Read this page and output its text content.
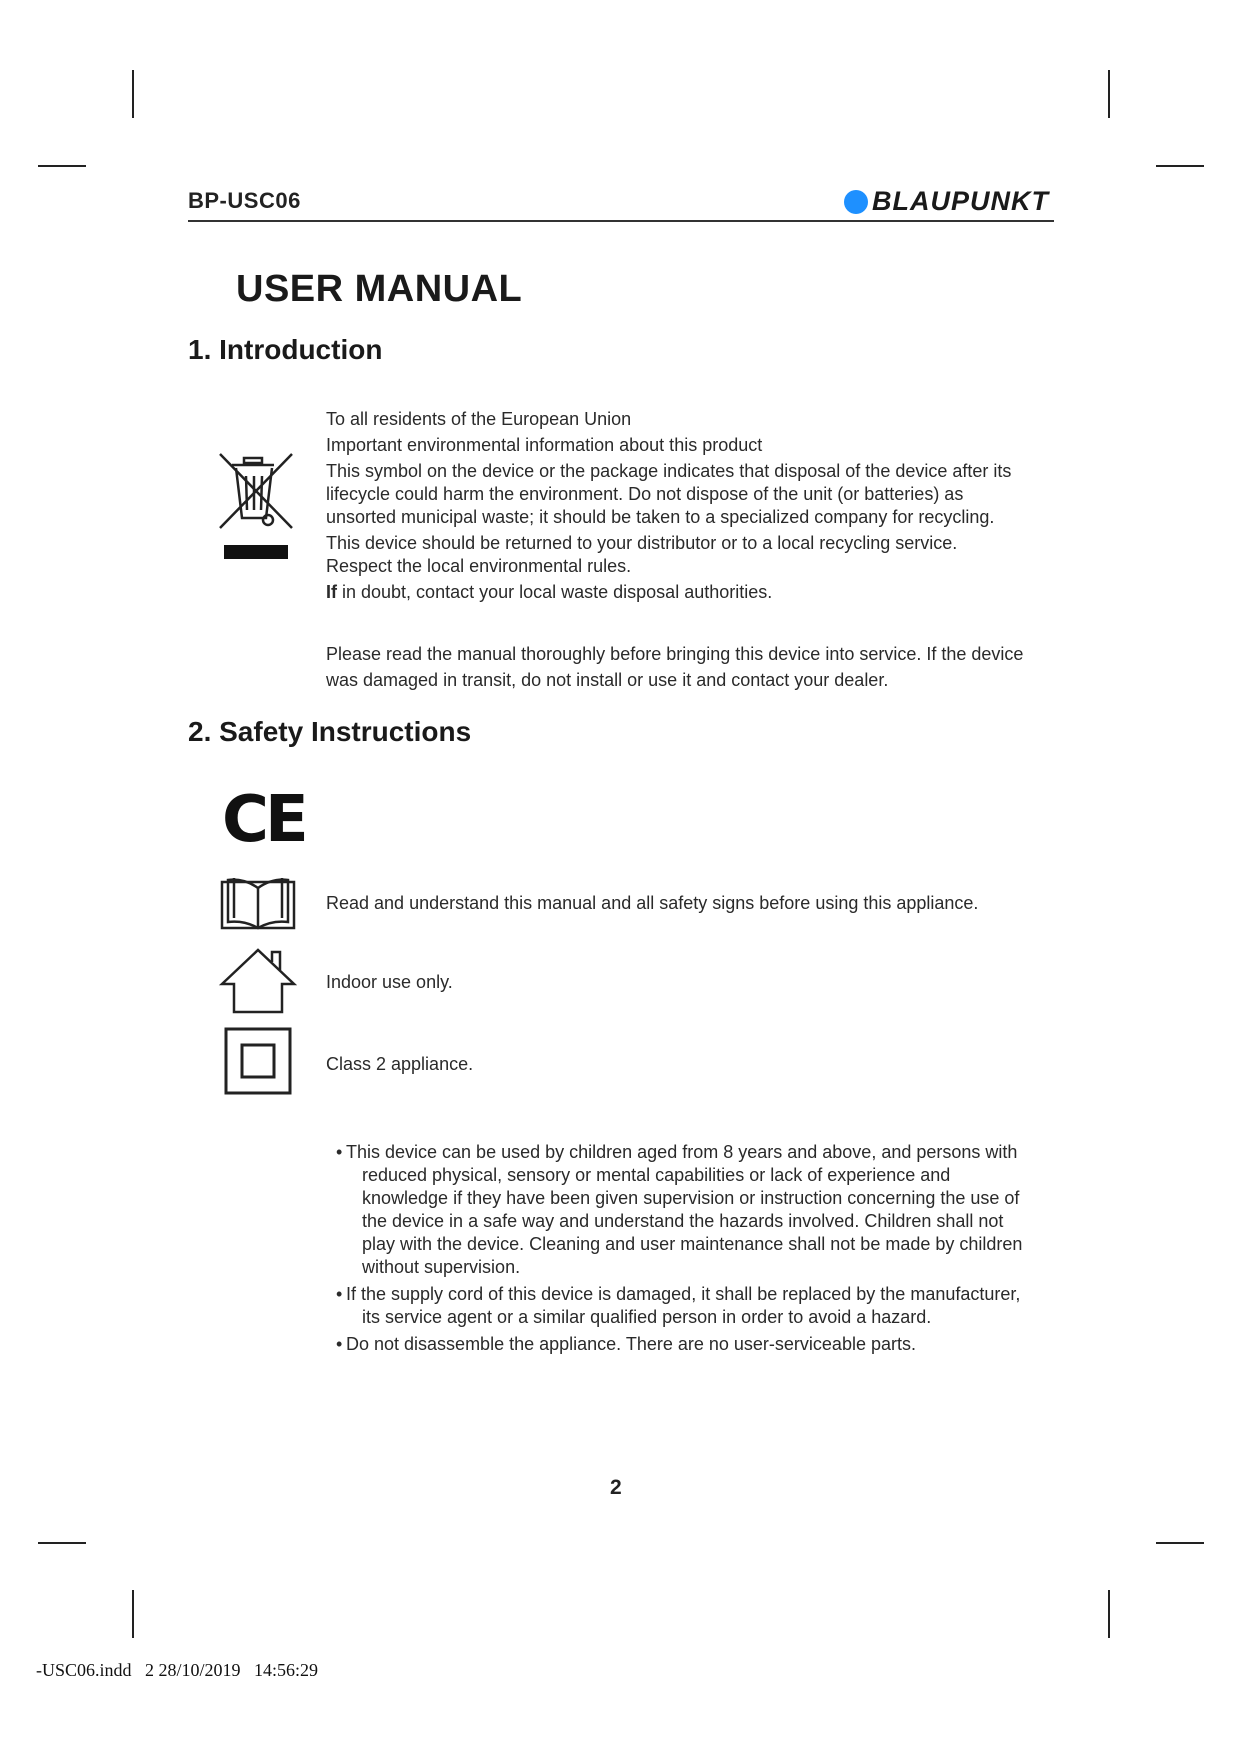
BP-USC06	BLAUPUNKT
USER MANUAL
1. Introduction
To all residents of the European Union
Important environmental information about this product
This symbol on the device or the package indicates that disposal of the device after its lifecycle could harm the environment. Do not dispose of the unit (or batteries) as unsorted municipal waste; it should be taken to a specialized company for recycling.
This device should be returned to your distributor or to a local recycling service. Respect the local environmental rules.
If in doubt, contact your local waste disposal authorities.
Please read the manual thoroughly before bringing this device into service. If the device was damaged in transit, do not install or use it and contact your dealer.
2. Safety Instructions
CE
Read and understand this manual and all safety signs before using this appliance.
Indoor use only.
Class 2 appliance.
• This device can be used by children aged from 8 years and above, and persons with reduced physical, sensory or mental capabilities or lack of experience and knowledge if they have been given supervision or instruction concerning the use of the device in a safe way and understand the hazards involved. Children shall not play with the device. Cleaning and user maintenance shall not be made by children without supervision.
• If the supply cord of this device is damaged, it shall be replaced by the manufacturer, its service agent or a similar qualified person in order to avoid a hazard.
• Do not disassemble the appliance. There are no user-serviceable parts.
2
-USC06.indd   2 28/10/2019   14:56:29
